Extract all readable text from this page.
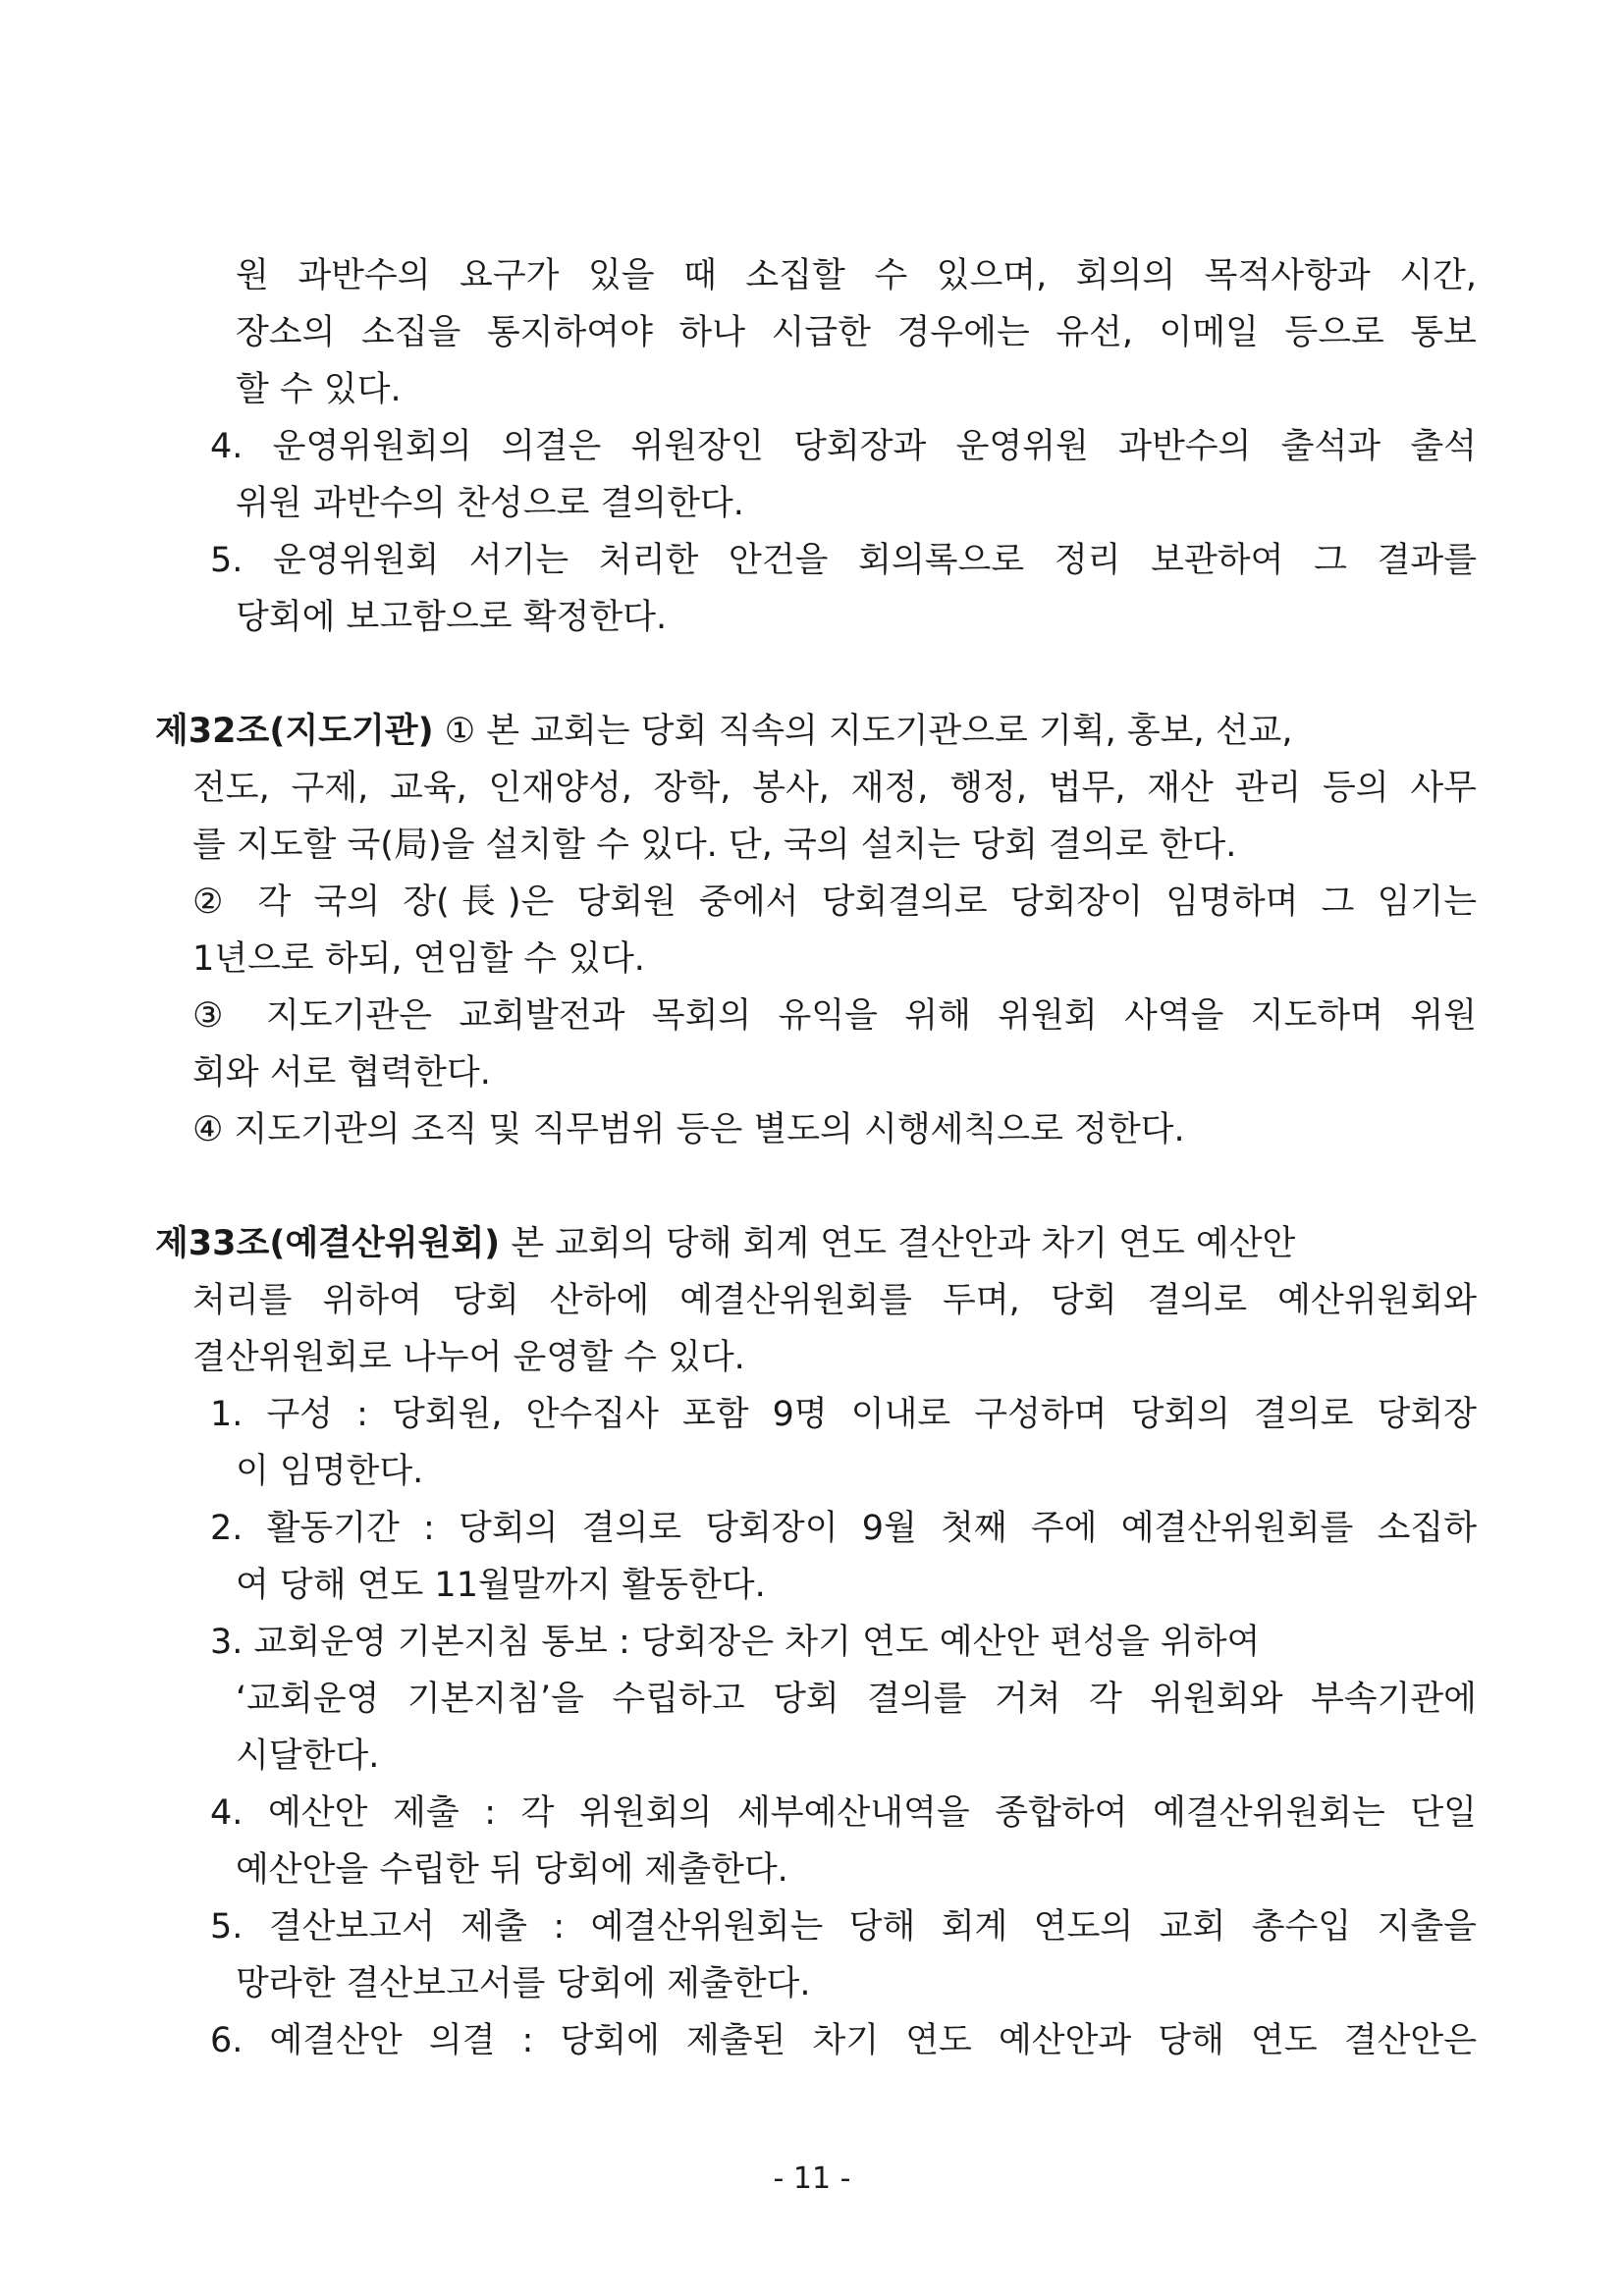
원 과반수의 요구가 있을 때 소집할 수 있으며, 회의의 목적사항과 시간,
장소의 소집을 통지하여야 하나 시급한 경우에는 유선, 이메일 등으로 통보
할 수 있다.
4. 운영위원회의 의결은 위원장인 당회장과 운영위원 과반수의 출석과 출석
위원 과반수의 찬성으로 결의한다.
5. 운영위원회 서기는 처리한 안건을 회의록으로 정리 보관하여 그 결과를
당회에 보고함으로 확정한다.
제32조(지도기관) ① 본 교회는 당회 직속의 지도기관으로 기획, 홍보, 선교,
전도, 구제, 교육, 인재양성, 장학, 봉사, 재정, 행정, 법무, 재산 관리 등의 사무
를 지도할 국(局)을 설치할 수 있다. 단, 국의 설치는 당회 결의로 한다.
② 각 국의 장(長)은 당회원 중에서 당회결의로 당회장이 임명하며 그 임기는
1년으로 하되, 연임할 수 있다.
③ 지도기관은 교회발전과 목회의 유익을 위해 위원회 사역을 지도하며 위원
회와 서로 협력한다.
④ 지도기관의 조직 및 직무범위 등은 별도의 시행세칙으로 정한다.
제33조(예결산위원회) 본 교회의 당해 회계 연도 결산안과 차기 연도 예산안
처리를 위하여 당회 산하에 예결산위원회를 두며, 당회 결의로 예산위원회와
결산위원회로 나누어 운영할 수 있다.
1. 구성 : 당회원, 안수집사 포함 9명 이내로 구성하며 당회의 결의로 당회장
이 임명한다.
2. 활동기간 : 당회의 결의로 당회장이 9월 첫째 주에 예결산위원회를 소집하
여 당해 연도 11월말까지 활동한다.
3. 교회운영 기본지침 통보 : 당회장은 차기 연도 예산안 편성을 위하여
‘교회운영 기본지침’을 수립하고 당회 결의를 거쳐 각 위원회와 부속기관에
시달한다.
4. 예산안 제출 : 각 위원회의 세부예산내역을 종합하여 예결산위원회는 단일
예산안을 수립한 뒤 당회에 제출한다.
5. 결산보고서 제출 : 예결산위원회는 당해 회계 연도의 교회 총수입 지출을
망라한 결산보고서를 당회에 제출한다.
6. 예결산안 의결 : 당회에 제출된 차기 연도 예산안과 당해 연도 결산안은
- 11 -
